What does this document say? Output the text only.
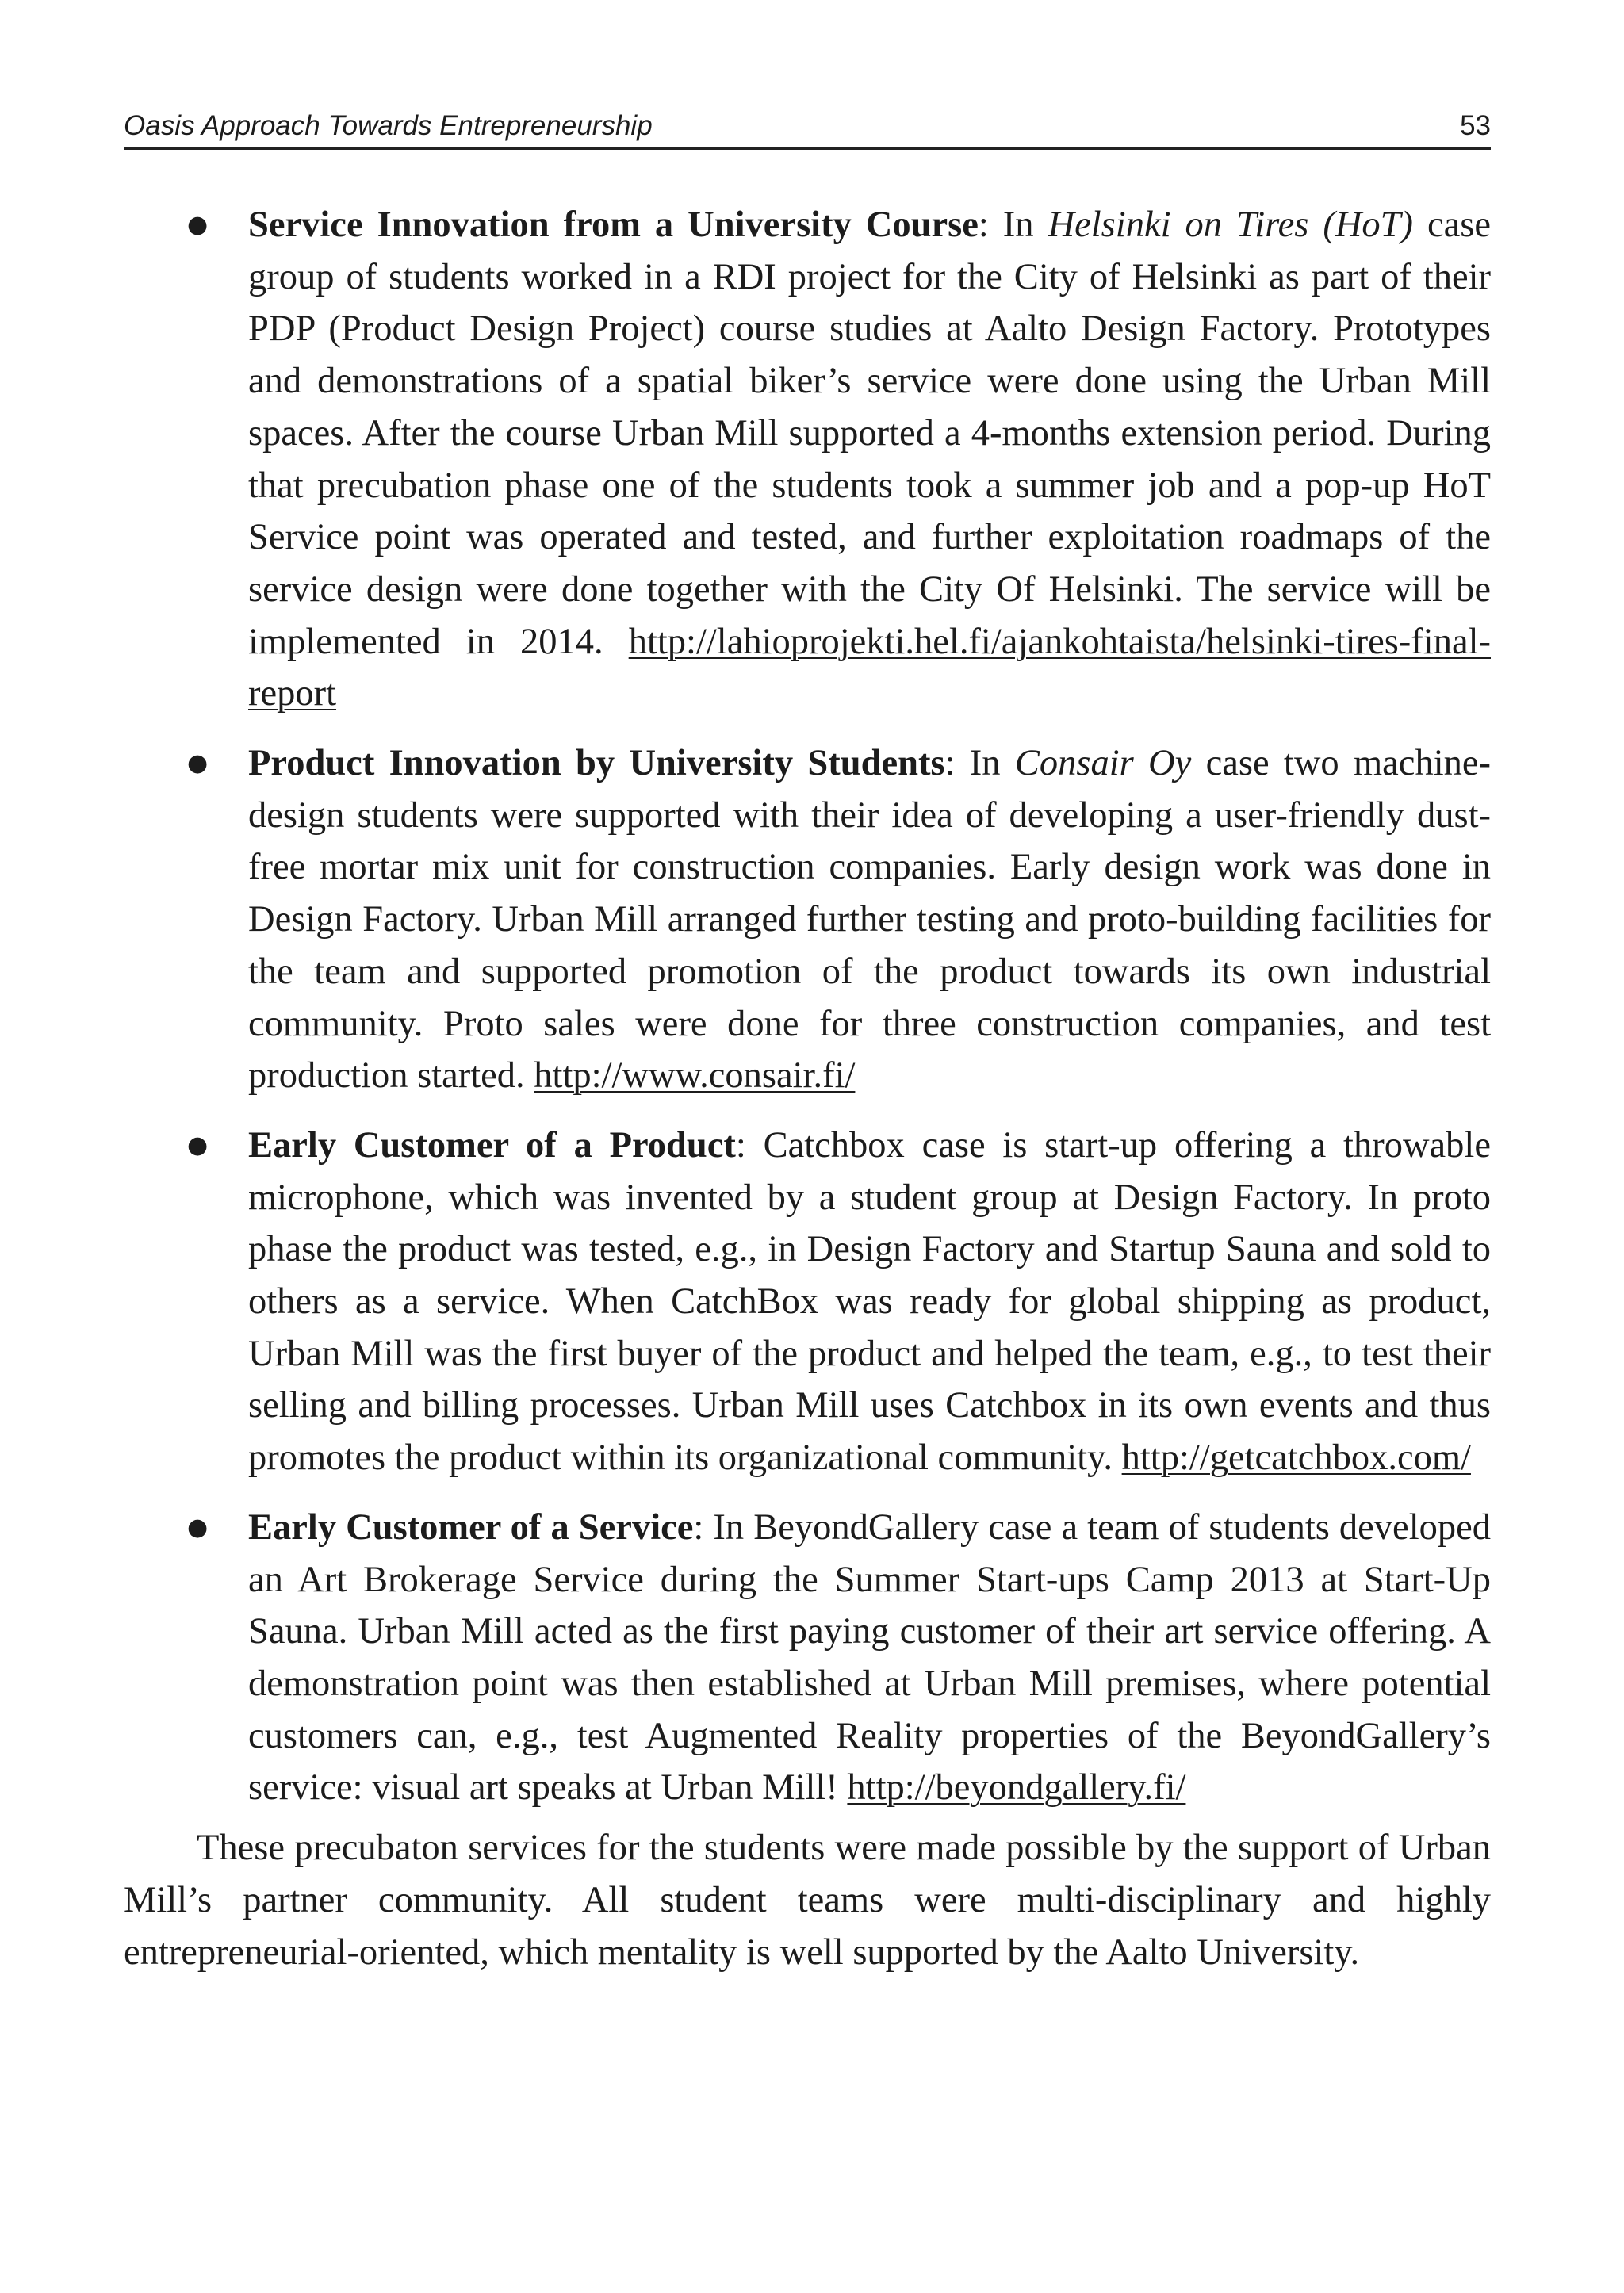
Oasis Approach Towards Entrepreneurship	53
● Service Innovation from a University Course: In Helsinki on Tires (HoT) case group of students worked in a RDI project for the City of Helsinki as part of their PDP (Product Design Project) course studies at Aalto Design Factory. Prototypes and demonstrations of a spatial biker’s service were done using the Urban Mill spaces. After the course Urban Mill supported a 4-months extension period. During that precubation phase one of the students took a summer job and a pop-up HoT Service point was operated and tested, and further exploitation roadmaps of the service design were done together with the City Of Helsinki. The service will be implemented in 2014. http://lahioprojekti.hel.fi/ajankohtaista/helsinki-tires-final-report
● Product Innovation by University Students: In Consair Oy case two machine-design students were supported with their idea of developing a user-friendly dust-free mortar mix unit for construction companies. Early design work was done in Design Factory. Urban Mill arranged further testing and proto-building facilities for the team and supported promotion of the product towards its own industrial community. Proto sales were done for three construction companies, and test production started. http://www.consair.fi/
● Early Customer of a Product: Catchbox case is start-up offering a throwable microphone, which was invented by a student group at Design Factory. In proto phase the product was tested, e.g., in Design Factory and Startup Sauna and sold to others as a service. When CatchBox was ready for global shipping as product, Urban Mill was the first buyer of the product and helped the team, e.g., to test their selling and billing processes. Urban Mill uses Catchbox in its own events and thus promotes the product within its organizational community. http://getcatchbox.com/
● Early Customer of a Service: In BeyondGallery case a team of students developed an Art Brokerage Service during the Summer Start-ups Camp 2013 at Start-Up Sauna. Urban Mill acted as the first paying customer of their art service offering. A demonstration point was then established at Urban Mill premises, where potential customers can, e.g., test Augmented Reality properties of the BeyondGallery’s service: visual art speaks at Urban Mill! http://beyondgallery.fi/

These precubaton services for the students were made possible by the support of Urban Mill’s partner community. All student teams were multi-disciplinary and highly entrepreneurial-oriented, which mentality is well supported by the Aalto University.
